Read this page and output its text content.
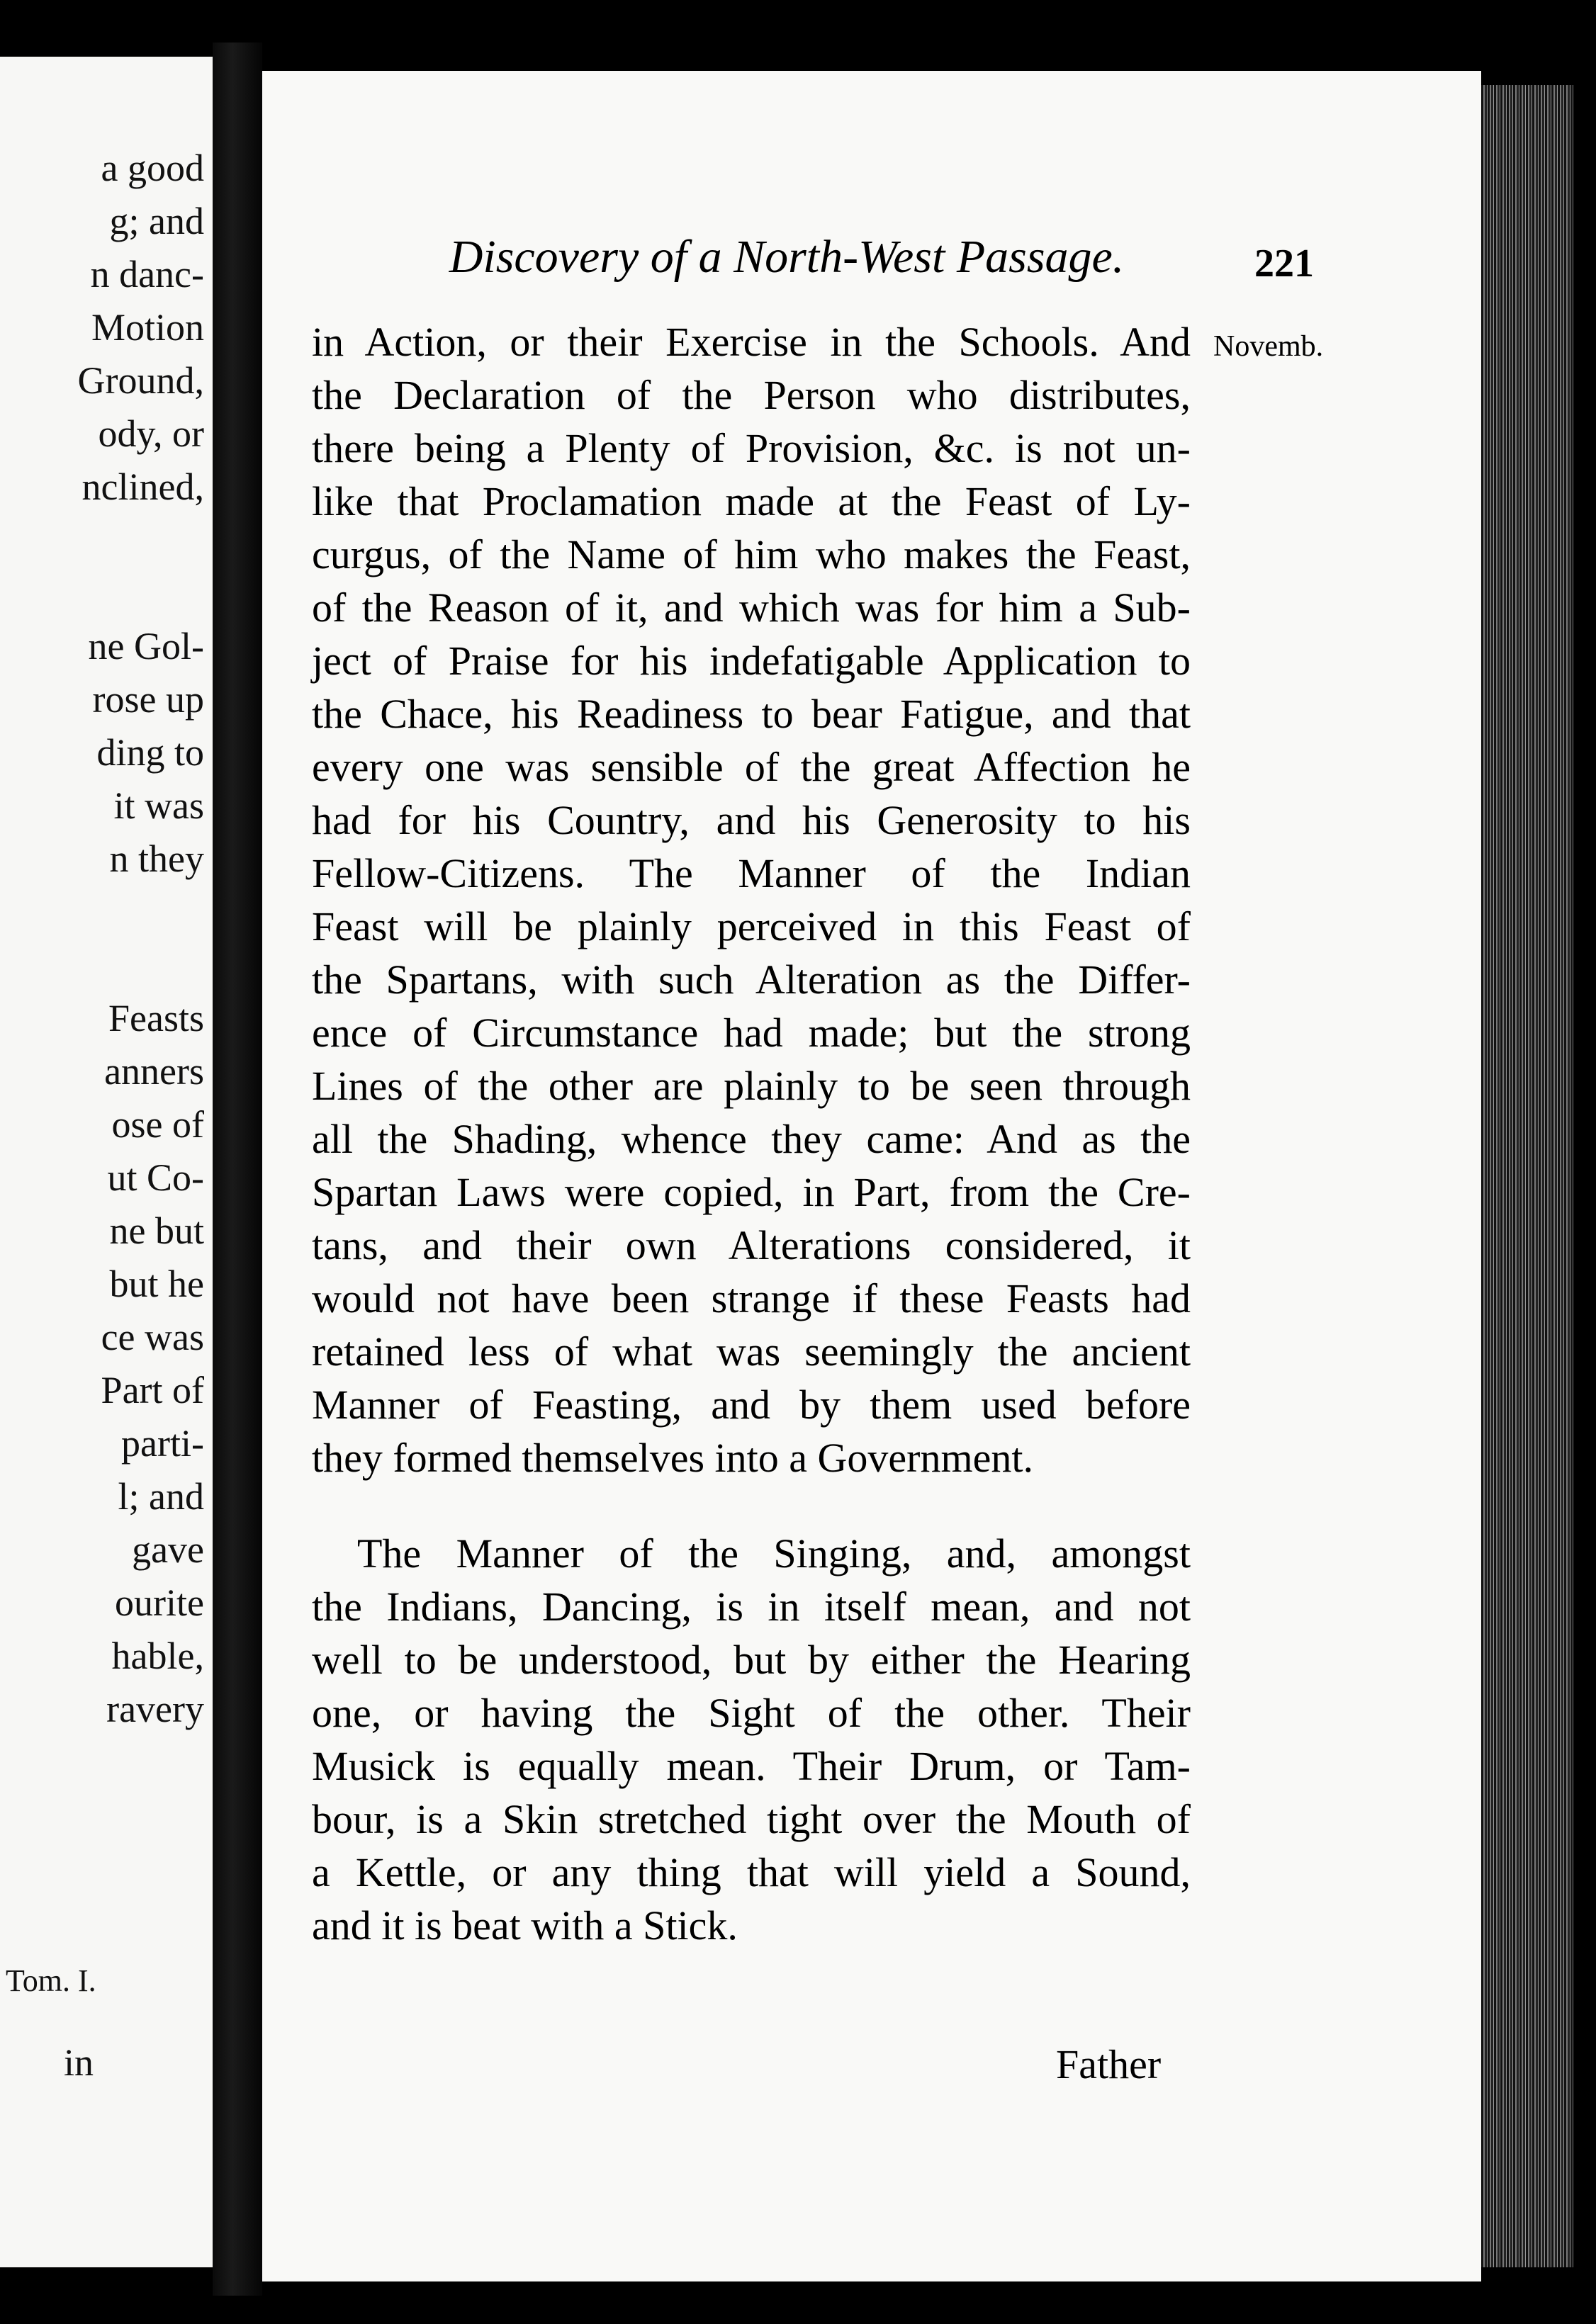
a good
g; and
n danc-
Motion
Ground,
ody, or
nclined,
ne Gol-
rose up
ding to
it was
n they
Feasts
anners
ose of
ut Co-
ne but
but he
ce was
Part of
parti-
l; and
gave
ourite
hable,
ravery
Tom. I.
in
Discovery of a North-West Passage.	221
Novemb.
in Action, or their Exercise in the Schools. And
the Declaration of the Person who distributes,
there being a Plenty of Provision, &c. is not un-
like that Proclamation made at the Feast of Ly-
curgus, of the Name of him who makes the Feast,
of the Reason of it, and which was for him a Sub-
ject of Praise for his indefatigable Application to
the Chace, his Readiness to bear Fatigue, and that
every one was sensible of the great Affection he
had for his Country, and his Generosity to his
Fellow-Citizens. The Manner of the Indian
Feast will be plainly perceived in this Feast of
the Spartans, with such Alteration as the Differ-
ence of Circumstance had made; but the strong
Lines of the other are plainly to be seen through
all the Shading, whence they came: And as the
Spartan Laws were copied, in Part, from the Cre-
tans, and their own Alterations considered, it
would not have been strange if these Feasts had
retained less of what was seemingly the ancient
Manner of Feasting, and by them used before
they formed themselves into a Government.
The Manner of the Singing, and, amongst
the Indians, Dancing, is in itself mean, and not
well to be understood, but by either the Hearing
one, or having the Sight of the other. Their
Musick is equally mean. Their Drum, or Tam-
bour, is a Skin stretched tight over the Mouth of
a Kettle, or any thing that will yield a Sound,
and it is beat with a Stick.
Father
